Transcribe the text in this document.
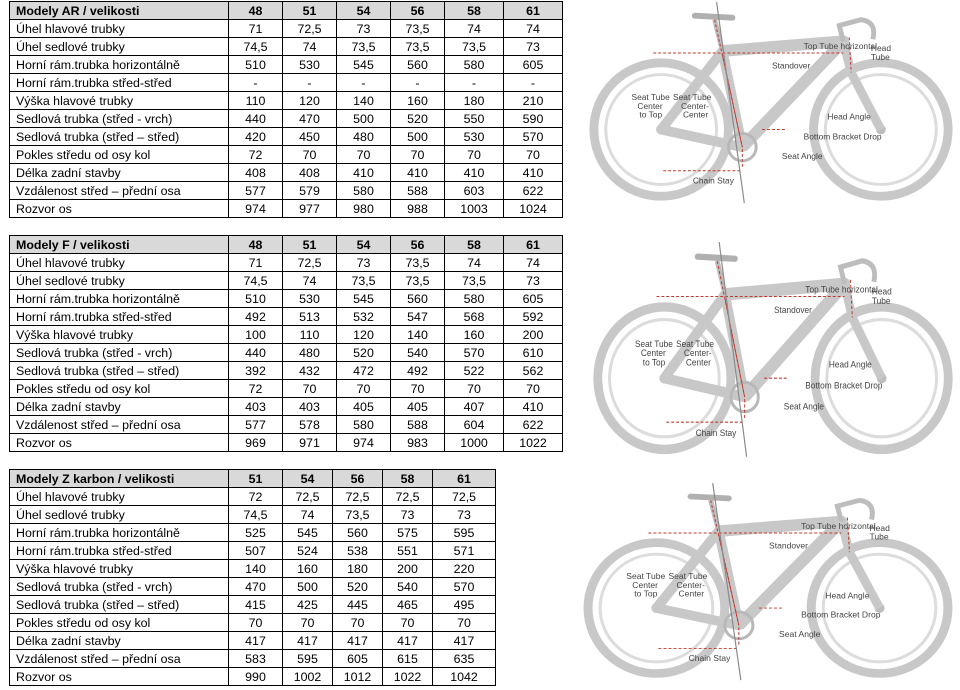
Modely AR / velikosti	48	51	54	56	58	61
Úhel hlavové trubky	71	72,5	73	73,5	74	74
Úhel sedlové trubky	74,5	74	73,5	73,5	73,5	73
Horní rám.trubka horizontálně	510	530	545	560	580	605
Horní rám.trubka střed-střed	-	-	-	-	-	-
Výška hlavové trubky	110	120	140	160	180	210
Sedlová trubka (střed - vrch)	440	470	500	520	550	590
Sedlová trubka (střed – střed)	420	450	480	500	530	570
Pokles středu od osy kol	72	70	70	70	70	70
Délka zadní stavby	408	408	410	410	410	410
Vzdálenost střed – přední osa	577	579	580	588	603	622
Rozvor os	974	977	980	988	1003	1024
Modely F / velikosti	48	51	54	56	58	61
Úhel hlavové trubky	71	72,5	73	73,5	74	74
Úhel sedlové trubky	74,5	74	73,5	73,5	73,5	73
Horní rám.trubka horizontálně	510	530	545	560	580	605
Horní rám.trubka střed-střed	492	513	532	547	568	592
Výška hlavové trubky	100	110	120	140	160	200
Sedlová trubka (střed - vrch)	440	480	520	540	570	610
Sedlová trubka (střed – střed)	392	432	472	492	522	562
Pokles středu od osy kol	72	70	70	70	70	70
Délka zadní stavby	403	403	405	405	407	410
Vzdálenost střed – přední osa	577	578	580	588	604	622
Rozvor os	969	971	974	983	1000	1022
Modely Z karbon / velikosti	51	54	56	58	61
Úhel hlavové trubky	72	72,5	72,5	72,5	72,5
Úhel sedlové trubky	74,5	74	73,5	73	73
Horní rám.trubka horizontálně	525	545	560	575	595
Horní rám.trubka střed-střed	507	524	538	551	571
Výška hlavové trubky	140	160	180	200	220
Sedlová trubka (střed - vrch)	470	500	520	540	570
Sedlová trubka (střed – střed)	415	425	445	465	495
Pokles středu od osy kol	70	70	70	70	70
Délka zadní stavby	417	417	417	417	417
Vzdálenost střed – přední osa	583	595	605	615	635
Rozvor os	990	1002	1012	1022	1042
Top Tube horizontal
Head
Tube
Standover
Seat Tube
Center
to Top
Seat Tube
Center-
Center	Head Angle
Bottom Bracket Drop
Seat Angle
Chain Stay
Top Tube horizontal
Head
Tube
Standover
Seat Tube
Center
to Top
Seat Tube
Center-
Center	Head Angle
Bottom Bracket Drop
Seat Angle
Chain Stay
Top Tube horizontal
Head
Tube
Standover
Seat Tube
Center
to Top
Seat Tube
Center-
Center	Head Angle
Bottom Bracket Drop
Seat Angle
Chain Stay
